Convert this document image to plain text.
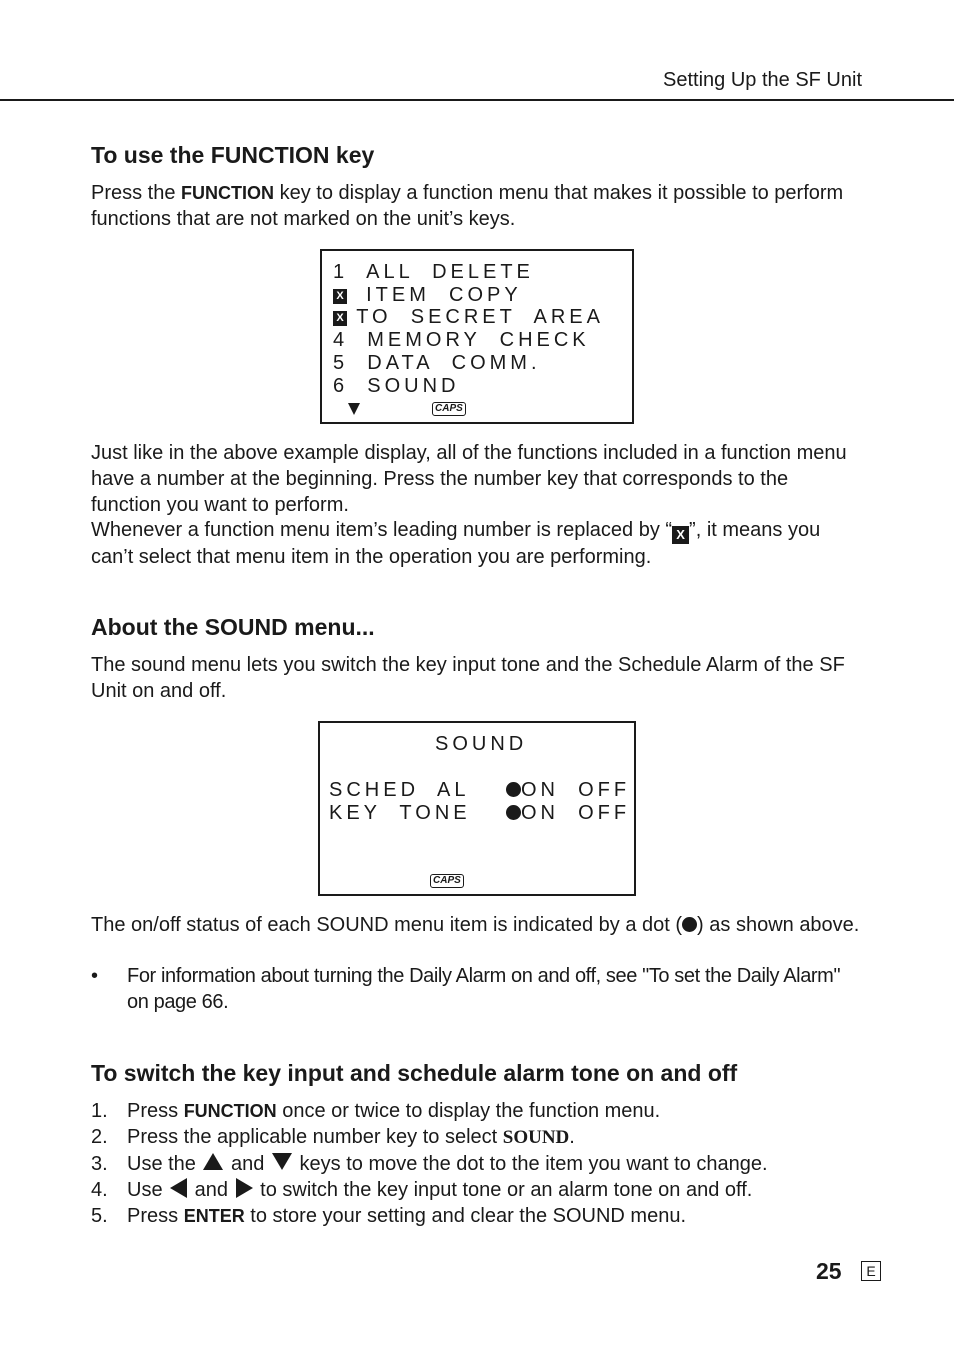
Setting Up the SF Unit
To use the FUNCTION key

Press the FUNCTION key to display a function menu that makes it possible to perform functions that are not marked on the unit’s keys.

1 ALL  DELETE
X  ITEM  COPY
X TO  SECRET  AREA
4 MEMORY  CHECK
5 DATA  COMM.
6 SOUND
CAPS

Just like in the above example display, all of the functions included in a function menu have a number at the beginning. Press the number key that corresponds to the function you want to perform.

Whenever a function menu item’s leading number is replaced by “ X ”, it means you can’t select that menu item in the operation you are performing.

About the SOUND menu...

The sound menu lets you switch the key input tone and the Schedule Alarm of the SF Unit on and off.

SOUND
SCHED  AL	ON OFF
KEY  TONE	ON OFF
CAPS

The on/off status of each SOUND menu item is indicated by a dot ( ) as shown above.

• For information about turning the Daily Alarm on and off, see "To set the Daily Alarm" on page 66.
To switch the key input and schedule alarm tone on and off
1. Press FUNCTION once or twice to display the function menu.
2. Press the applicable number key to select SOUND.
3. Use the  and  keys to move the dot to the item you want to change.
4. Use  and  to switch the key input tone or an alarm tone on and off.
5. Press ENTER to store your setting and clear the SOUND menu.
25	E
